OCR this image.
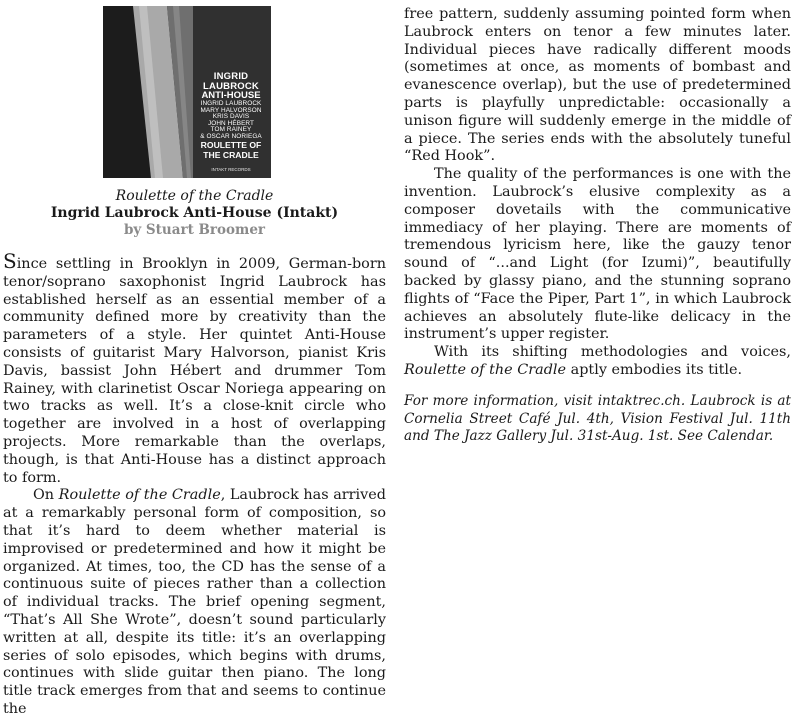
INGRID
LAUBROCK
ANTI-HOUSE
INGRID LAUBROCK
MARY HALVORSON
KRIS DAVIS
JOHN HÉBERT
TOM RAINEY
& OSCAR NORIEGA
ROULETTE OF
THE CRADLE
INTAKT RECORDS
Roulette of the Cradle
Ingrid Laubrock Anti-House (Intakt)
by Stuart Broomer

Since settling in Brooklyn in 2009, German-born tenor/soprano saxophonist Ingrid Laubrock has established herself as an essential member of a community defined more by creativity than the parameters of a style. Her quintet Anti-House consists of guitarist Mary Halvorson, pianist Kris Davis, bassist John Hébert and drummer Tom Rainey, with clarinetist Oscar Noriega appearing on two tracks as well. It’s a close-knit circle who together are involved in a host of overlapping projects. More remarkable than the overlaps, though, is that Anti-House has a distinct approach to form.

On Roulette of the Cradle, Laubrock has arrived at a remarkably personal form of composition, so that it’s hard to deem whether material is improvised or predetermined and how it might be organized. At times, too, the CD has the sense of a continuous suite of pieces rather than a collection of individual tracks. The brief opening segment, “That’s All She Wrote”, doesn’t sound particularly written at all, despite its title: it’s an overlapping series of solo episodes, which begins with drums, continues with slide guitar then piano. The long title track emerges from that and seems to continue the

free pattern, suddenly assuming pointed form when Laubrock enters on tenor a few minutes later. Individual pieces have radically different moods (sometimes at once, as moments of bombast and evanescence overlap), but the use of predetermined parts is playfully unpredictable: occasionally a unison figure will suddenly emerge in the middle of a piece. The series ends with the absolutely tuneful “Red Hook”.

The quality of the performances is one with the invention. Laubrock’s elusive complexity as a composer dovetails with the communicative immediacy of her playing. There are moments of tremendous lyricism here, like the gauzy tenor sound of “...and Light (for Izumi)”, beautifully backed by glassy piano, and the stunning soprano flights of “Face the Piper, Part 1”, in which Laubrock achieves an absolutely flute-like delicacy in the instrument’s upper register.

With its shifting methodologies and voices, Roulette of the Cradle aptly embodies its title.

For more information, visit intaktrec.ch. Laubrock is at Cornelia Street Café Jul. 4th, Vision Festival Jul. 11th and The Jazz Gallery Jul. 31st-Aug. 1st. See Calendar.
